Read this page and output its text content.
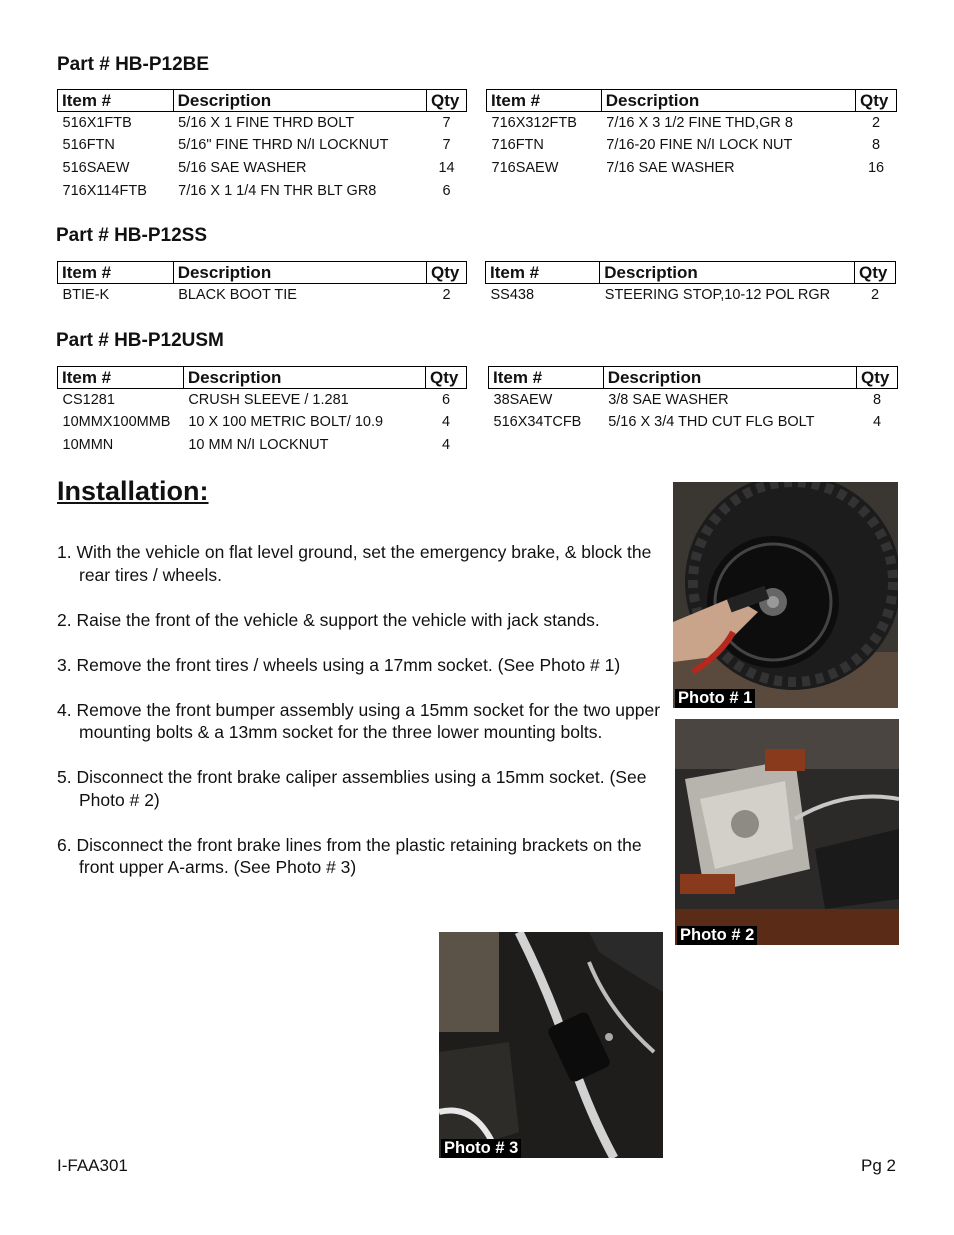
Part # HB-P12BE
Part # HB-P12SS
Part # HB-P12USM
Item #	Description	Qty
516X1FTB	5/16 X 1 FINE THRD BOLT	7
516FTN	5/16" FINE THRD N/I LOCKNUT	7
516SAEW	5/16 SAE WASHER	14
716X114FTB	7/16 X 1 1/4 FN THR BLT GR8	6
Item #	Description	Qty
716X312FTB	7/16 X 3 1/2 FINE THD,GR 8	2
716FTN	7/16-20 FINE N/I LOCK NUT	8
716SAEW	7/16 SAE WASHER	16
Item #	Description	Qty
BTIE-K	BLACK BOOT TIE	2
Item #	Description	Qty
SS438	STEERING STOP,10-12 POL RGR	2
Item #	Description	Qty
CS1281	CRUSH SLEEVE / 1.281	6
10MMX100MMB	10 X 100 METRIC BOLT/ 10.9	4
10MMN	10 MM N/I LOCKNUT	4
Item #	Description	Qty
38SAEW	3/8 SAE WASHER	8
516X34TCFB	5/16 X 3/4 THD CUT FLG BOLT	4
Installation:
1. With the vehicle on flat level ground, set the emergency brake, & block the rear tires / wheels.
2. Raise the front of the vehicle & support the vehicle with jack stands.
3. Remove the front tires / wheels using a 17mm socket. (See Photo # 1)
4. Remove the front bumper assembly using a 15mm socket for the two upper mounting bolts & a 13mm socket for the three lower mounting bolts.
5. Disconnect the front brake caliper assemblies using a 15mm socket. (See Photo # 2)
6. Disconnect the front brake lines from the plastic retaining brackets on the front upper A-arms. (See Photo # 3)
Photo # 1
Photo # 2
Photo # 3
I-FAA301	Pg 2
